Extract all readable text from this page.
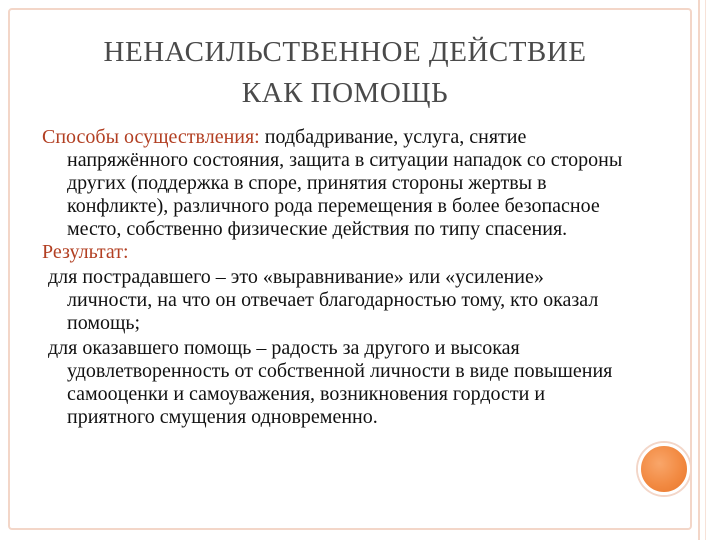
НЕНАСИЛЬСТВЕННОЕ ДЕЙСТВИЕ
КАК ПОМОЩЬ

Способы осуществления: подбадривание, услуга, снятие напряжённого состояния, защита в ситуации нападок со стороны других (поддержка в споре, принятия стороны жертвы в конфликте), различного рода перемещения в более безопасное место, собственно физические действия по типу спасения.

Результат:

для пострадавшего – это «выравнивание» или «усиление» личности, на что он отвечает благодарностью тому, кто оказал помощь;

для оказавшего помощь – радость за другого и высокая удовлетворенность от собственной личности в виде повышения самооценки и самоуважения, возникновения гордости и приятного смущения одновременно.
